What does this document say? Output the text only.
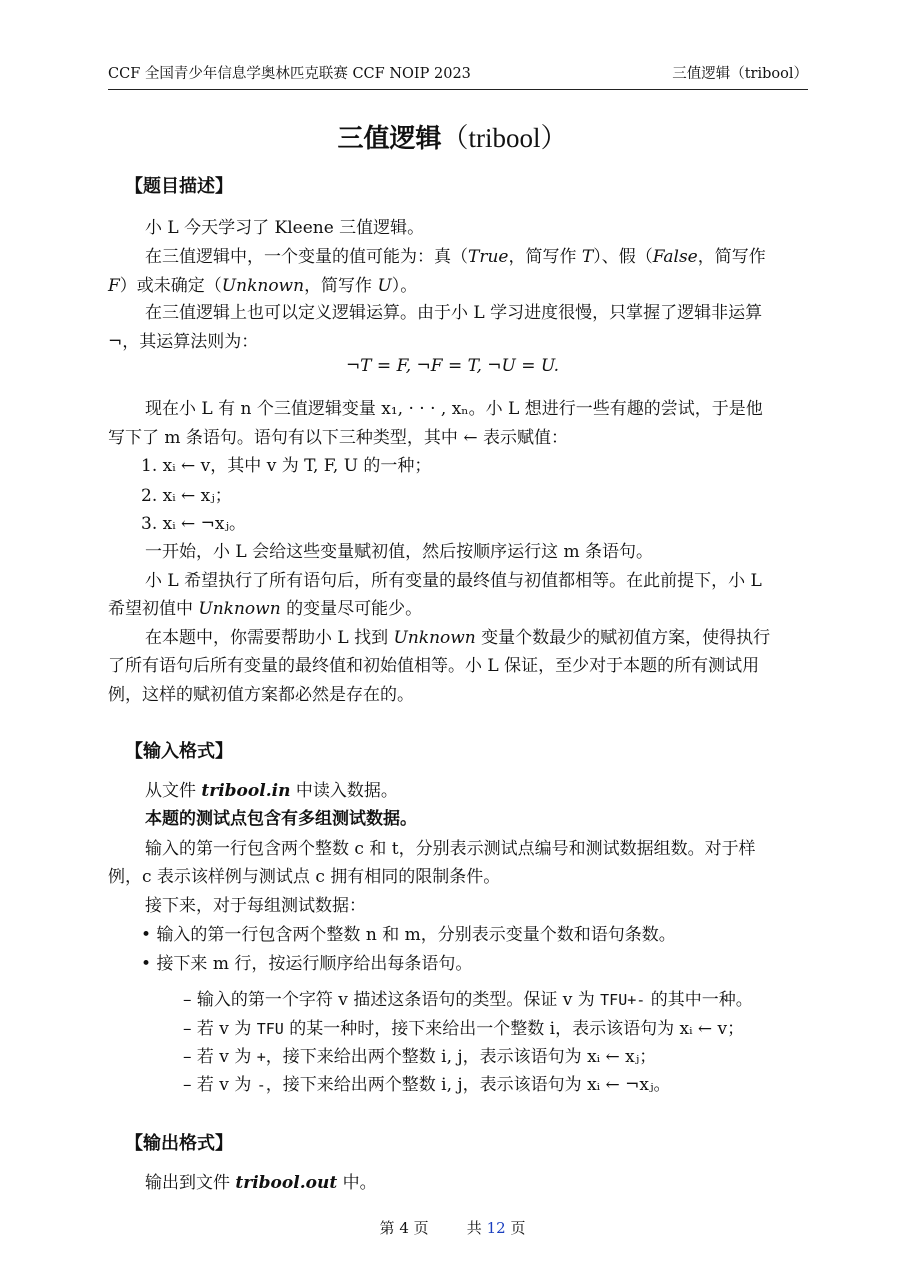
CCF 全国青少年信息学奥林匹克联赛 CCF NOIP 2023	三值逻辑（tribool）
三值逻辑（tribool）
【题目描述】
小 L 今天学习了 Kleene 三值逻辑。
在三值逻辑中，一个变量的值可能为：真（True，简写作 T）、假（False，简写作
F）或未确定（Unknown，简写作 U）。
在三值逻辑上也可以定义逻辑运算。由于小 L 学习进度很慢，只掌握了逻辑非运算
¬，其运算法则为：
¬T = F, ¬F = T, ¬U = U.
现在小 L 有 n 个三值逻辑变量 x₁, · · · , xₙ。小 L 想进行一些有趣的尝试，于是他
写下了 m 条语句。语句有以下三种类型，其中 ← 表示赋值：
1. xᵢ ← v，其中 v 为 T, F, U 的一种；
2. xᵢ ← xⱼ；
3. xᵢ ← ¬xⱼ。
一开始，小 L 会给这些变量赋初值，然后按顺序运行这 m 条语句。
小 L 希望执行了所有语句后，所有变量的最终值与初值都相等。在此前提下，小 L
希望初值中 Unknown 的变量尽可能少。
在本题中，你需要帮助小 L 找到 Unknown 变量个数最少的赋初值方案，使得执行
了所有语句后所有变量的最终值和初始值相等。小 L 保证，至少对于本题的所有测试用
例，这样的赋初值方案都必然是存在的。
【输入格式】
从文件 tribool.in 中读入数据。
本题的测试点包含有多组测试数据。
输入的第一行包含两个整数 c 和 t，分别表示测试点编号和测试数据组数。对于样
例，c 表示该样例与测试点 c 拥有相同的限制条件。
接下来，对于每组测试数据：
• 输入的第一行包含两个整数 n 和 m，分别表示变量个数和语句条数。
• 接下来 m 行，按运行顺序给出每条语句。
– 输入的第一个字符 v 描述这条语句的类型。保证 v 为 TFU+- 的其中一种。
– 若 v 为 TFU 的某一种时，接下来给出一个整数 i，表示该语句为 xᵢ ← v；
– 若 v 为 +，接下来给出两个整数 i, j，表示该语句为 xᵢ ← xⱼ；
– 若 v 为 -，接下来给出两个整数 i, j，表示该语句为 xᵢ ← ¬xⱼ。
【输出格式】
输出到文件 tribool.out 中。
第 4 页	共 12 页
